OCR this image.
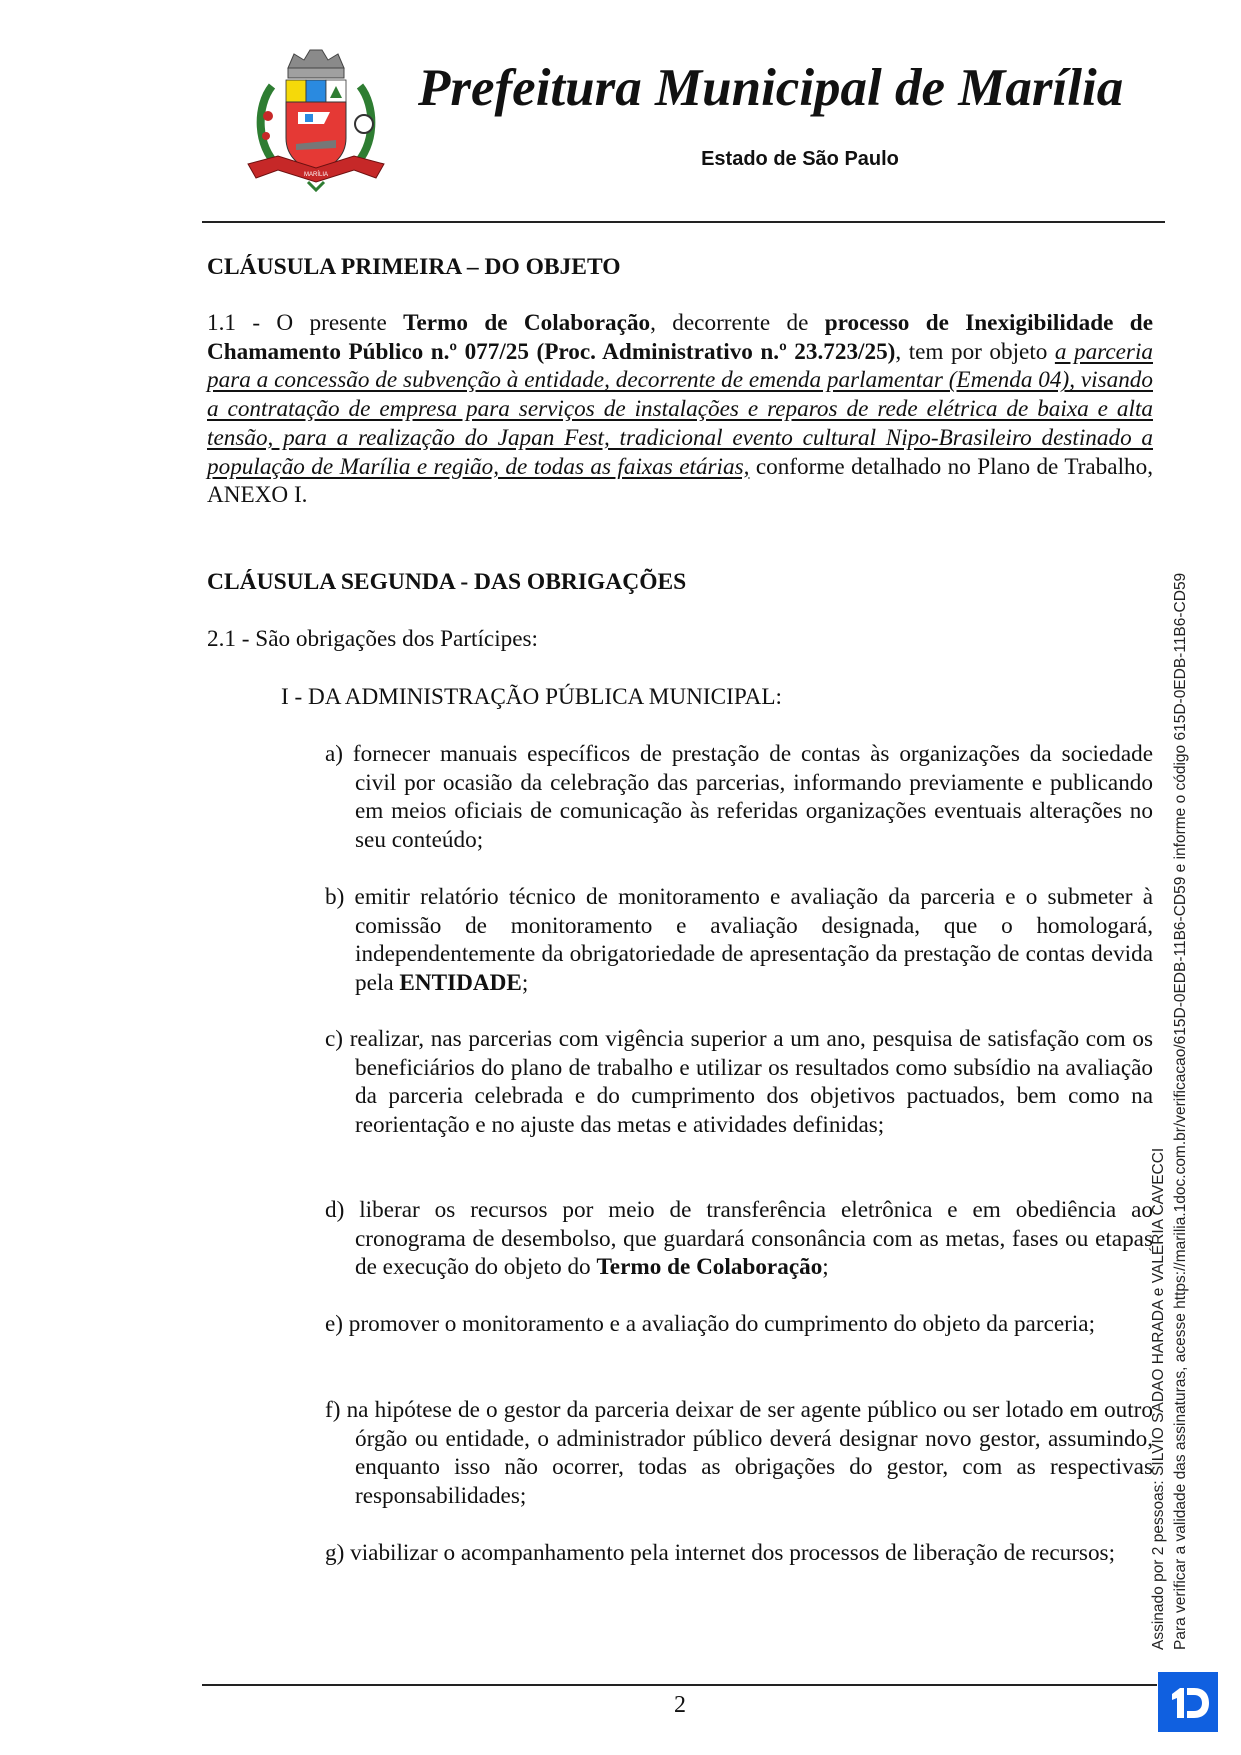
MARÍLIA
Prefeitura Municipal de Marília
Estado de São Paulo
CLÁUSULA PRIMEIRA – DO OBJETO
1.1 - O presente Termo de Colaboração, decorrente de processo de Inexigibilidade de Chamamento Público n.º 077/25 (Proc. Administrativo n.º 23.723/25), tem por objeto a parceria para a concessão de subvenção à entidade, decorrente de emenda parlamentar (Emenda 04), visando a contratação de empresa para serviços de instalações e reparos de rede elétrica de baixa e alta tensão, para a realização do Japan Fest, tradicional evento cultural Nipo-Brasileiro destinado a população de Marília e região, de todas as faixas etárias, conforme detalhado no Plano de Trabalho, ANEXO I.
CLÁUSULA SEGUNDA - DAS OBRIGAÇÕES
2.1 - São obrigações dos Partícipes:
I - DA ADMINISTRAÇÃO PÚBLICA MUNICIPAL:
a) fornecer manuais específicos de prestação de contas às organizações da sociedade civil por ocasião da celebração das parcerias, informando previamente e publicando em meios oficiais de comunicação às referidas organizações eventuais alterações no seu conteúdo;
b) emitir relatório técnico de monitoramento e avaliação da parceria e o submeter à comissão de monitoramento e avaliação designada, que o homologará, independentemente da obrigatoriedade de apresentação da prestação de contas devida pela ENTIDADE;
c) realizar, nas parcerias com vigência superior a um ano, pesquisa de satisfação com os beneficiários do plano de trabalho e utilizar os resultados como subsídio na avaliação da parceria celebrada e do cumprimento dos objetivos pactuados, bem como na reorientação e no ajuste das metas e atividades definidas;
d) liberar os recursos por meio de transferência eletrônica e em obediência ao cronograma de desembolso, que guardará consonância com as metas, fases ou etapas de execução do objeto do Termo de Colaboração;
e) promover o monitoramento e a avaliação do cumprimento do objeto da parceria;
f) na hipótese de o gestor da parceria deixar de ser agente público ou ser lotado em outro órgão ou entidade, o administrador público deverá designar novo gestor, assumindo, enquanto isso não ocorrer, todas as obrigações do gestor, com as respectivas responsabilidades;
g) viabilizar o acompanhamento pela internet dos processos de liberação de recursos;
2
Assinado por 2 pessoas: SILVIO SADAO HARADA e VALÉRIA CAVECCI Para verificar a validade das assinaturas, acesse https://marilia.1doc.com.br/verificacao/615D-0EDB-11B6-CD59 e informe o código 615D-0EDB-11B6-CD59
